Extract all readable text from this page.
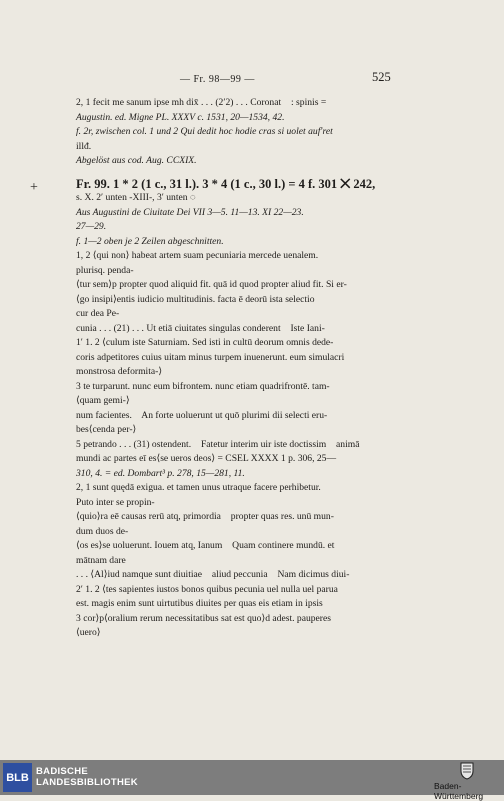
— Fr. 98—99 —	525
+

2, 1 fecit me sanum ipse mh dix̄ . . . (2′2) . . . Coronat᷑ : spinis =

Augustin. ed. Migne PL. XXXV c. 1531, 20—1534, 42.

f. 2r, zwischen col. 1 und 2 Qui dedit hoc hodie cras si uolet auf′ret

illđ.

Abgelöst aus cod. Aug. CCXIX.

Fr. 99. 1 * 2 (1 c., 31 l.). 3 * 4 (1 c., 30 l.) = 4 f. 301 ⨉ 242,

s. X. 2′ unten -XIII-, 3′ unten ◌

Aus Augustini de Ciuitate Dei VII 3—5. 11—13. XI 22—23.

27—29.

f. 1—2 oben je 2 Zeilen abgeschnitten.

1, 2 ⟨qui non⟩ habeat artem suam pecuniaria mercede uenalem.

plurisq. penda-

⟨tur sem⟩p propter quod aliquid fit. quā id quod propter aliud fit. Si er-

⟨go insipi⟩entis iudicio multitudinis. facta ē deorū ista selectio᷑

cur dea Pe-

cunia . . . (21) . . . Ut etiā ciuitates singulas conderent᷑ Iste Iani-

1′ 1. 2 ⟨culum iste Saturniam. Sed isti in cultū deorum omnis dede-

coris adpetitores cuius uitam minus turpem inuenerunt. eum simulacri

monstrosa deformita-⟩

3 te turparunt. nunc eum bifrontem. nunc etiam quadrifrontē. tam-

⟨quam gemi-⟩

num facientes.᷑ An forte uoluerunt ut quō plurimi dii selecti eru-

bes⟨cenda per-⟩

5 petrando . . . (31) ostendent.᷑ Fatetur interim uir iste doctissim᷑ animā

mundi ac partes eī es⟨se ueros deos⟩ = CSEL XXXX 1 p. 306, 25—

310, 4. = ed. Dombart³ p. 278, 15—281, 11.

2, 1 sunt quędā exigua. et tamen unus utraque facere perhibetur.

Puto inter se propin-

⟨quio⟩ra eē causas rerū atq, primordia᷑ propter quas res. unū mun-

dum duos de-

⟨os es⟩se uoluerunt. Iouem atq, Ianum᷑ Quam continere mundū. et

mātnam dare

. . . ⟨Al⟩iud namque sunt diuitiae᷑ aliud peccunia᷑ Nam dicimus diui-

2′ 1. 2 ⟨tes sapientes iustos bonos quibus pecunia uel nulla uel parua

est. magis enim sunt uirtutibus diuites per quas eis etiam in ipsis

3 cor⟩p⟨oralium rerum necessitatibus sat est quo⟩d adest. pauperes

⟨uero⟩

BLB BADISCHE
LANDESBIBLIOTHEK	Baden-Württemberg
